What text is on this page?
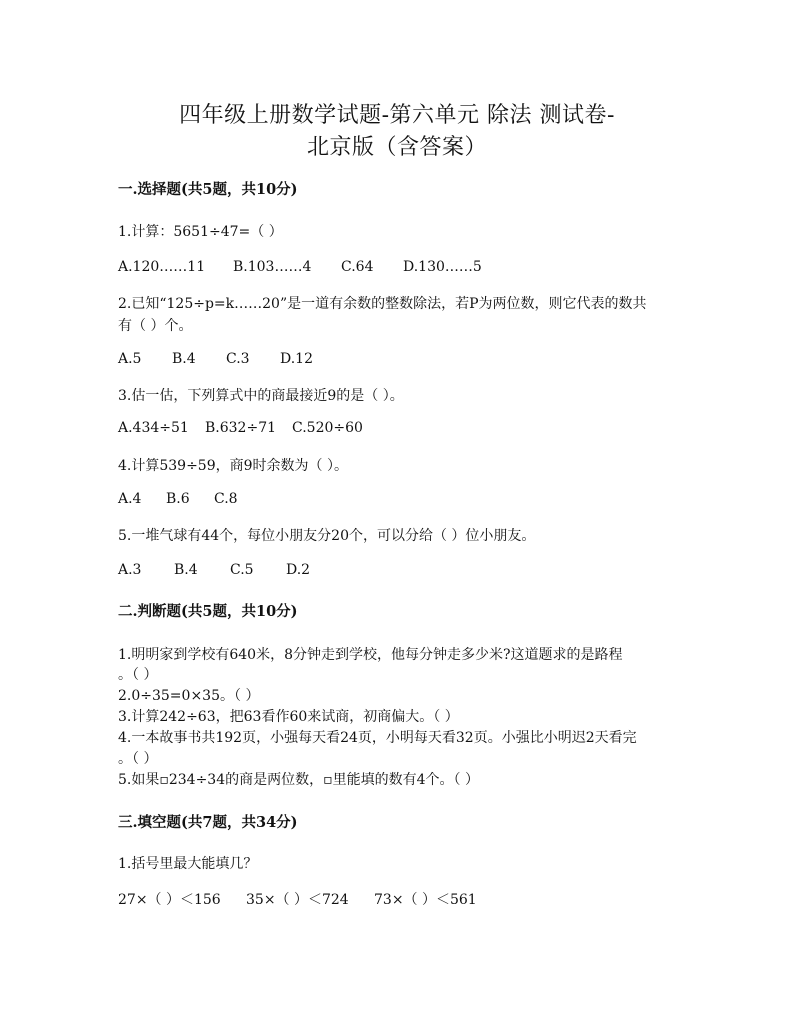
四年级上册数学试题-第六单元 除法 测试卷-
北京版（含答案）
一.选择题(共5题，共10分)
1.计算：5651÷47=（ ）
A.120……11 B.103……4 C.64 D.130……5
2.已知“125÷p=k……20”是一道有余数的整数除法，若P为两位数，则它代表的数共
有（ ）个。
A.5 B.4 C.3 D.12
3.估一估，下列算式中的商最接近9的是（ ）。
A.434÷51 B.632÷71 C.520÷60
4.计算539÷59，商9时余数为（ ）。
A.4 B.6 C.8
5.一堆气球有44个，每位小朋友分20个，可以分给（ ）位小朋友。
A.3 B.4 C.5 D.2
二.判断题(共5题，共10分)
1.明明家到学校有640米，8分钟走到学校，他每分钟走多少米?这道题求的是路程
。（ ）
2.0÷35=0×35。（ ）
3.计算242÷63，把63看作60来试商，初商偏大。（ ）
4.一本故事书共192页，小强每天看24页，小明每天看32页。小强比小明迟2天看完
。（ ）
5.如果▫234÷34的商是两位数，▫里能填的数有4个。（ ）
三.填空题(共7题，共34分)
1.括号里最大能填几？
27×（ ）＜156 35×（ ）＜724 73×（ ）＜561
